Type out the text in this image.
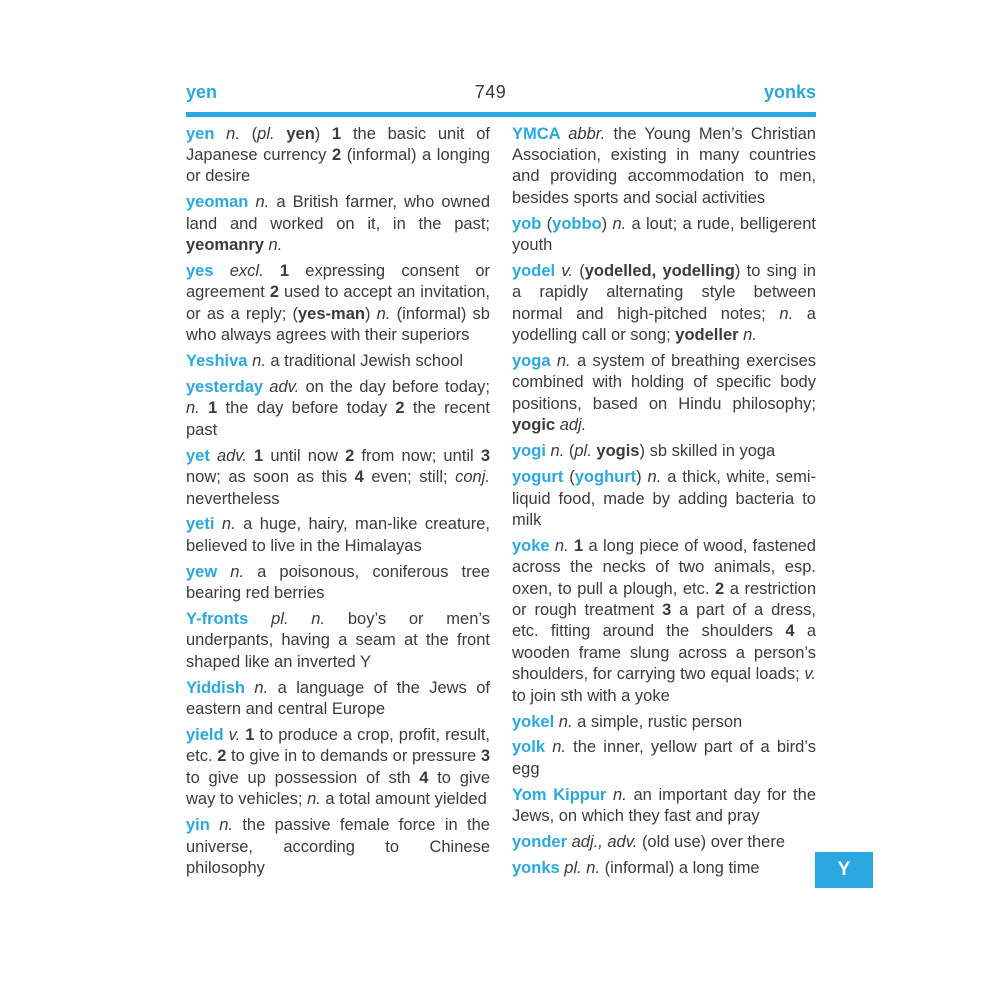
yen	749	yonks

yen n. (pl. yen) 1 the basic unit of Japanese currency 2 (informal) a longing or desire

yeoman n. a British farmer, who owned land and worked on it, in the past; yeomanry n.

yes excl. 1 expressing consent or agreement 2 used to accept an invitation, or as a reply; (yes-man) n. (informal) sb who always agrees with their superiors

Yeshiva n. a traditional Jewish school

yesterday adv. on the day before today; n. 1 the day before today 2 the recent past

yet adv. 1 until now 2 from now; until 3 now; as soon as this 4 even; still; conj. nevertheless

yeti n. a huge, hairy, man-like creature, believed to live in the Himalayas

yew n. a poisonous, coniferous tree bearing red berries

Y-fronts pl. n. boy’s or men’s underpants, having a seam at the front shaped like an inverted Y

Yiddish n. a language of the Jews of eastern and central Europe

yield v. 1 to produce a crop, profit, result, etc. 2 to give in to demands or pressure 3 to give up possession of sth 4 to give way to vehicles; n. a total amount yielded

yin n. the passive female force in the universe, according to Chinese philosophy

YMCA abbr. the Young Men’s Christian Association, existing in many countries and providing accommodation to men, besides sports and social activities

yob (yobbo) n. a lout; a rude, belligerent youth

yodel v. (yodelled, yodelling) to sing in a rapidly alternating style between normal and high-pitched notes; n. a yodelling call or song; yodeller n.

yoga n. a system of breathing exercises combined with holding of specific body positions, based on Hindu philosophy; yogic adj.

yogi n. (pl. yogis) sb skilled in yoga

yogurt (yoghurt) n. a thick, white, semi-liquid food, made by adding bacteria to milk

yoke n. 1 a long piece of wood, fastened across the necks of two animals, esp. oxen, to pull a plough, etc. 2 a restriction or rough treatment 3 a part of a dress, etc. fitting around the shoulders 4 a wooden frame slung across a person’s shoulders, for carrying two equal loads; v. to join sth with a yoke

yokel n. a simple, rustic person

yolk n. the inner, yellow part of a bird’s egg

Yom Kippur n. an important day for the Jews, on which they fast and pray

yonder adj., adv. (old use) over there

yonks pl. n. (informal) a long time	Y
